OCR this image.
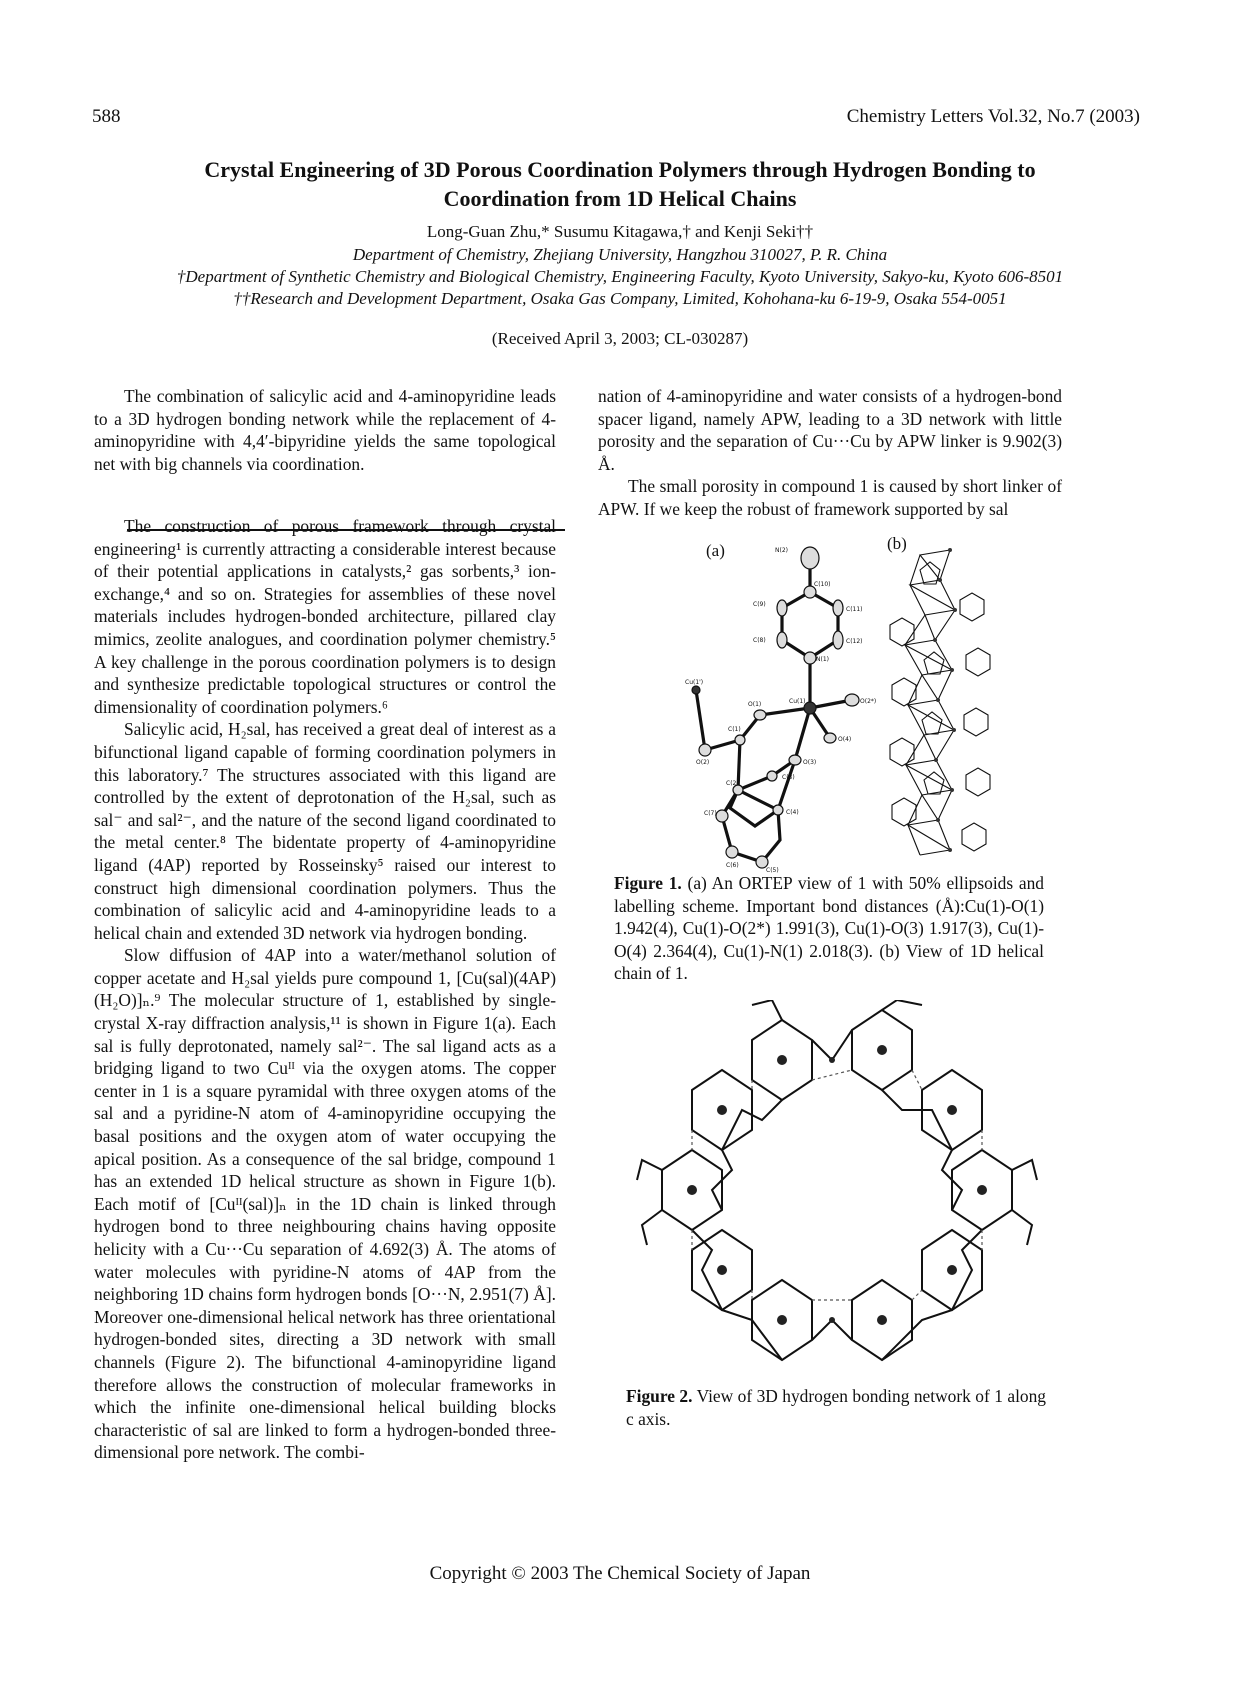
588	Chemistry Letters Vol.32, No.7 (2003)
Crystal Engineering of 3D Porous Coordination Polymers through Hydrogen Bonding to
Coordination from 1D Helical Chains
Long-Guan Zhu,* Susumu Kitagawa,† and Kenji Seki††
Department of Chemistry, Zhejiang University, Hangzhou 310027, P. R. China
†Department of Synthetic Chemistry and Biological Chemistry, Engineering Faculty, Kyoto University, Sakyo-ku, Kyoto 606-8501
††Research and Development Department, Osaka Gas Company, Limited, Kohohana-ku 6-19-9, Osaka 554-0051
(Received April 3, 2003; CL-030287)

The combination of salicylic acid and 4-aminopyridine leads to a 3D hydrogen bonding network while the replacement of 4-aminopyridine with 4,4′-bipyridine yields the same topological net with big channels via coordination.

The construction of porous framework through crystal engineering¹ is currently attracting a considerable interest because of their potential applications in catalysts,² gas sorbents,³ ion-exchange,⁴ and so on. Strategies for assemblies of these novel materials includes hydrogen-bonded architecture, pillared clay mimics, zeolite analogues, and coordination polymer chemistry.⁵ A key challenge in the porous coordination polymers is to design and synthesize predictable topological structures or control the dimensionality of coordination polymers.⁶

Salicylic acid, H₂sal, has received a great deal of interest as a bifunctional ligand capable of forming coordination polymers in this laboratory.⁷ The structures associated with this ligand are controlled by the extent of deprotonation of the H₂sal, such as sal⁻ and sal²⁻, and the nature of the second ligand coordinated to the metal center.⁸ The bidentate property of 4-aminopyridine ligand (4AP) reported by Rosseinsky⁵ raised our interest to construct high dimensional coordination polymers. Thus the combination of salicylic acid and 4-aminopyridine leads to a helical chain and extended 3D network via hydrogen bonding.

Slow diffusion of 4AP into a water/methanol solution of copper acetate and H₂sal yields pure compound 1, [Cu(sal)(4AP)(H₂O)]ₙ.⁹ The molecular structure of 1, established by single-crystal X-ray diffraction analysis,¹¹ is shown in Figure 1(a). Each sal is fully deprotonated, namely sal²⁻. The sal ligand acts as a bridging ligand to two Cuᴵᴵ via the oxygen atoms. The copper center in 1 is a square pyramidal with three oxygen atoms of the sal and a pyridine-N atom of 4-aminopyridine occupying the basal positions and the oxygen atom of water occupying the apical position. As a consequence of the sal bridge, compound 1 has an extended 1D helical structure as shown in Figure 1(b). Each motif of [Cuᴵᴵ(sal)]ₙ in the 1D chain is linked through hydrogen bond to three neighbouring chains having opposite helicity with a Cu···Cu separation of 4.692(3) Å. The atoms of water molecules with pyridine-N atoms of 4AP from the neighboring 1D chains form hydrogen bonds [O···N, 2.951(7) Å]. Moreover one-dimensional helical network has three orientational hydrogen-bonded sites, directing a 3D network with small channels (Figure 2). The bifunctional 4-aminopyridine ligand therefore allows the construction of molecular frameworks in which the infinite one-dimensional helical building blocks characteristic of sal are linked to form a hydrogen-bonded three-dimensional pore network. The combi-

nation of 4-aminopyridine and water consists of a hydrogen-bond spacer ligand, namely APW, leading to a 3D network with little porosity and the separation of Cu···Cu by APW linker is 9.902(3) Å.

The small porosity in compound 1 is caused by short linker of APW. If we keep the robust of framework supported by sal

(a)	(b)
N(2)
C(10)
C(9)
C(11)
C(8)	C(12)
N(1)
Cu(1')
O(1)	Cu(1)	O(2*)
C(1)
O(4)
O(2)	O(3)
C(2)
C(3)
C(7)	C(4)
C(6)
C(5)
Figure 1. (a) An ORTEP view of 1 with 50% ellipsoids and labelling scheme. Important bond distances (Å):Cu(1)-O(1) 1.942(4), Cu(1)-O(2*) 1.991(3), Cu(1)-O(3) 1.917(3), Cu(1)-O(4) 2.364(4), Cu(1)-N(1) 2.018(3). (b) View of 1D helical chain of 1.
Figure 2. View of 3D hydrogen bonding network of 1 along c axis.
Copyright © 2003 The Chemical Society of Japan
